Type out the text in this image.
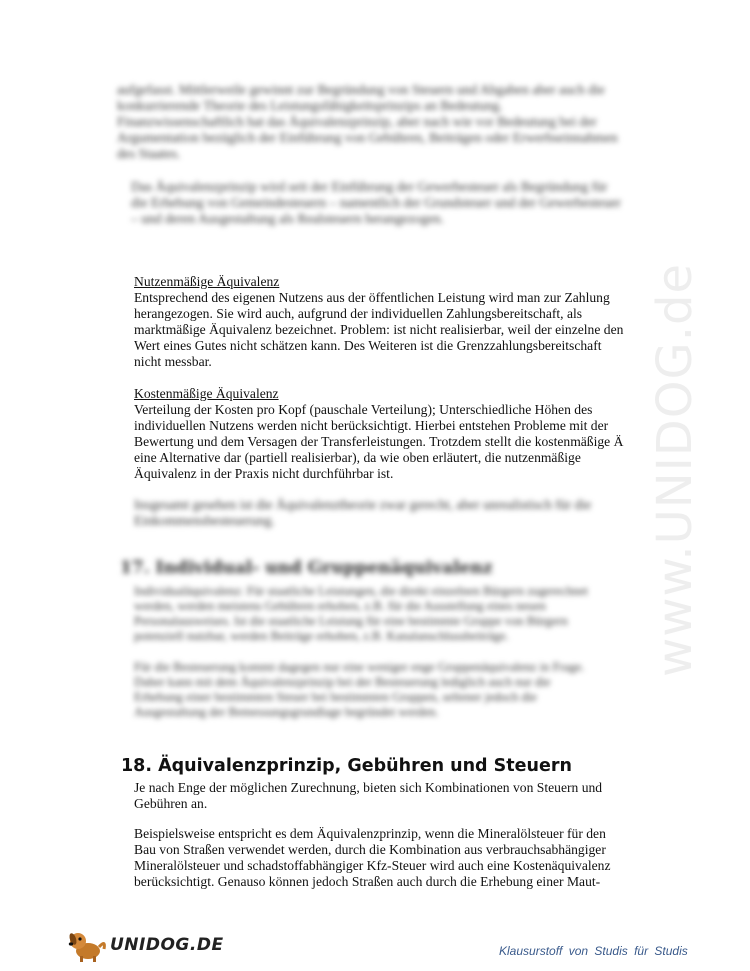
www.UNIDOG.de

aufgefasst. Mittlerweile gewinnt zur Begründung von Steuern und Abgaben aber auch die

konkurrierende Theorie des Leistungsfähigkeitsprinzips an Bedeutung.

Finanzwissenschaftlich hat das Äquivalenzprinzip, aber nach wie vor Bedeutung bei der

Argumentation bezüglich der Einführung von Gebühren, Beiträgen oder Erwerbseinnahmen

des Staates.

Das Äquivalenzprinzip wird seit der Einführung der Gewerbesteuer als Begründung für

die Erhebung von Gemeindesteuern – namentlich der Grundsteuer und der Gewerbesteuer

– und deren Ausgestaltung als Realsteuern herangezogen.

Nutzenmäßige Äquivalenz

Entsprechend des eigenen Nutzens aus der öffentlichen Leistung wird man zur Zahlung

herangezogen. Sie wird auch, aufgrund der individuellen Zahlungsbereitschaft, als

marktmäßige Äquivalenz bezeichnet. Problem: ist nicht realisierbar, weil der einzelne den

Wert eines Gutes nicht schätzen kann. Des Weiteren ist die Grenzzahlungsbereitschaft

nicht messbar.

Kostenmäßige Äquivalenz

Verteilung der Kosten pro Kopf (pauschale Verteilung); Unterschiedliche Höhen des

individuellen Nutzens werden nicht berücksichtigt. Hierbei entstehen Probleme mit der

Bewertung und dem Versagen der Transferleistungen. Trotzdem stellt die kostenmäßige Ä

eine Alternative dar (partiell realisierbar), da wie oben erläutert, die nutzenmäßige

Äquivalenz in der Praxis nicht durchführbar ist.

Insgesamt gesehen ist die Äquivalenztheorie zwar gerecht, aber unrealistisch für die

Einkommensbesteuerung.

17. Individual- und Gruppenäquivalenz

Individualäquivalenz: Für staatliche Leistungen, die direkt einzelnen Bürgern zugerechnet

werden, werden meistens Gebühren erhoben, z.B. für die Ausstellung eines neuen

Personalausweises. Ist die staatliche Leistung für eine bestimmte Gruppe von Bürgern

potenziell nutzbar, werden Beiträge erhoben, z.B. Kanalanschlussbeiträge.

Für die Besteuerung kommt dagegen nur eine weniger enge Gruppenäquivalenz in Frage.

Daher kann mit dem Äquivalenzprinzip bei der Besteuerung lediglich auch nur die

Erhebung einer bestimmten Steuer bei bestimmten Gruppen, seltener jedoch die

Ausgestaltung der Bemessungsgrundlage begründet werden.

18. Äquivalenzprinzip, Gebühren und Steuern

Je nach Enge der möglichen Zurechnung, bieten sich Kombinationen von Steuern und

Gebühren an.

Beispielsweise entspricht es dem Äquivalenzprinzip, wenn die Mineralölsteuer für den

Bau von Straßen verwendet werden, durch die Kombination aus verbrauchsabhängiger

Mineralölsteuer und schadstoffabhängiger Kfz-Steuer wird auch eine Kostenäquivalenz

berücksichtigt. Genauso können jedoch Straßen auch durch die Erhebung einer Maut-

UNIDOG.DE	Klausurstoff von Studis für Studis
